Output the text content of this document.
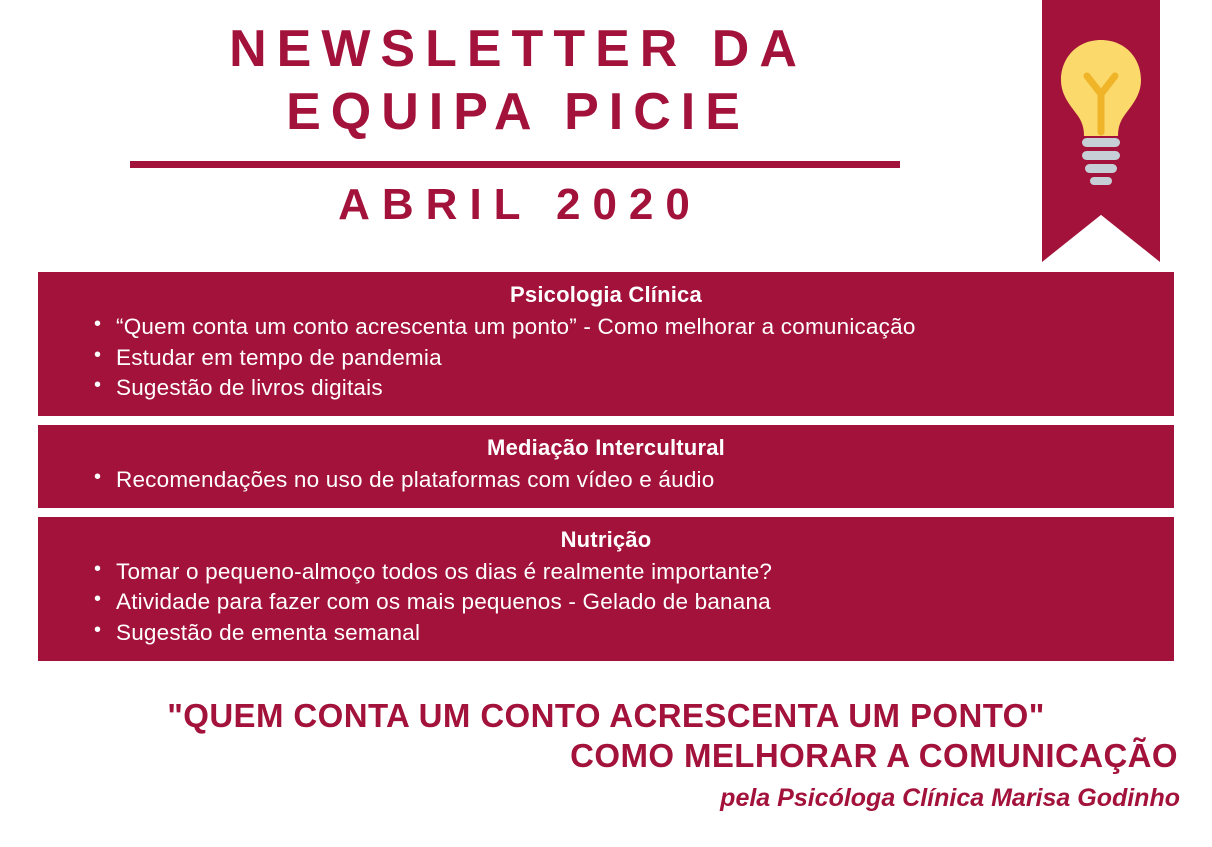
NEWSLETTER DA
EQUIPA PICIE
ABRIL 2020
Psicologia Clínica
• “Quem conta um conto acrescenta um ponto” - Como melhorar a comunicação
• Estudar em tempo de pandemia
• Sugestão de livros digitais
Mediação Intercultural
• Recomendações no uso de plataformas com vídeo e áudio
Nutrição
• Tomar o pequeno-almoço todos os dias é realmente importante?
• Atividade para fazer com os mais pequenos - Gelado de banana
• Sugestão de ementa semanal
"QUEM CONTA UM CONTO ACRESCENTA UM PONTO"
COMO MELHORAR A COMUNICAÇÃO
pela Psicóloga Clínica Marisa Godinho
